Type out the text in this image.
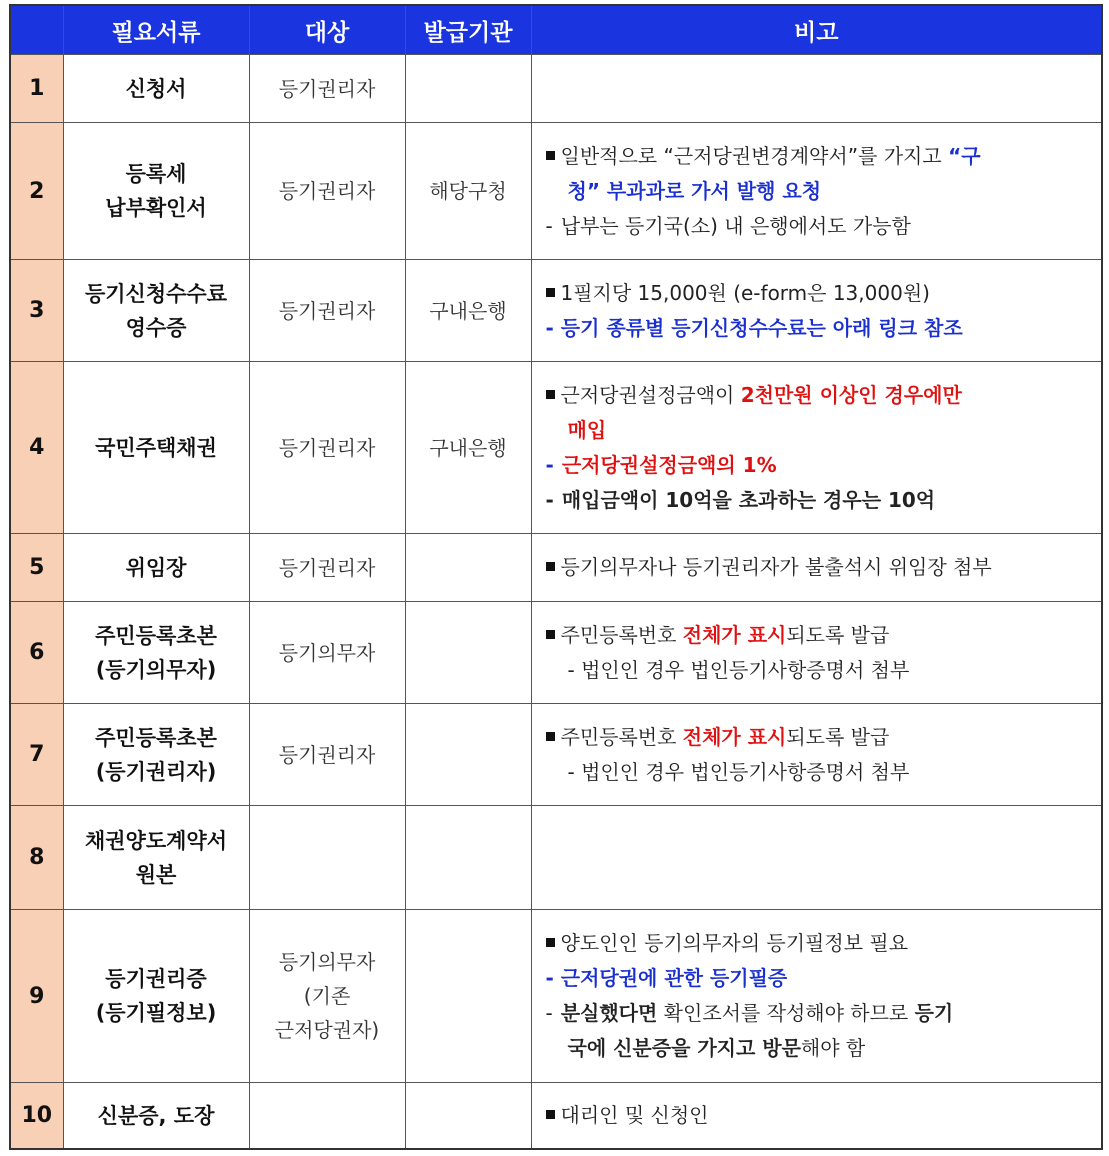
	필요서류	대상	발급기관	비고
1	신청서	등기권리자		

2	등록세
납부확인서	등기권리자	해당구청	일반적으로 “근저당권변경계약서”를 가지고 “구
청” 부과과로 가서 발행 요청
- 납부는 등기국(소) 내 은행에서도 가능함

3	등기신청수수료
영수증	등기권리자	구내은행	1필지당 15,000원 (e-form은 13,000원)
- 등기 종류별 등기신청수수료는 아래 링크 참조

4	국민주택채권	등기권리자	구내은행	근저당권설정금액이 2천만원 이상인 경우에만
매입
- 근저당권설정금액의 1%
- 매입금액이 10억을 초과하는 경우는 10억

5	위임장	등기권리자		등기의무자나 등기권리자가 불출석시 위임장 첨부

6	주민등록초본
(등기의무자)	등기의무자		주민등록번호 전체가 표시되도록 발급
- 법인인 경우 법인등기사항증명서 첨부

7	주민등록초본
(등기권리자)	등기권리자		주민등록번호 전체가 표시되도록 발급
- 법인인 경우 법인등기사항증명서 첨부

8	채권양도계약서
원본			

9	등기권리증
(등기필정보)	등기의무자
(기존
근저당권자)		양도인인 등기의무자의 등기필정보 필요
- 근저당권에 관한 등기필증
- 분실했다면 확인조서를 작성해야 하므로 등기
국에 신분증을 가지고 방문해야 함

10	신분증, 도장			대리인 및 신청인
